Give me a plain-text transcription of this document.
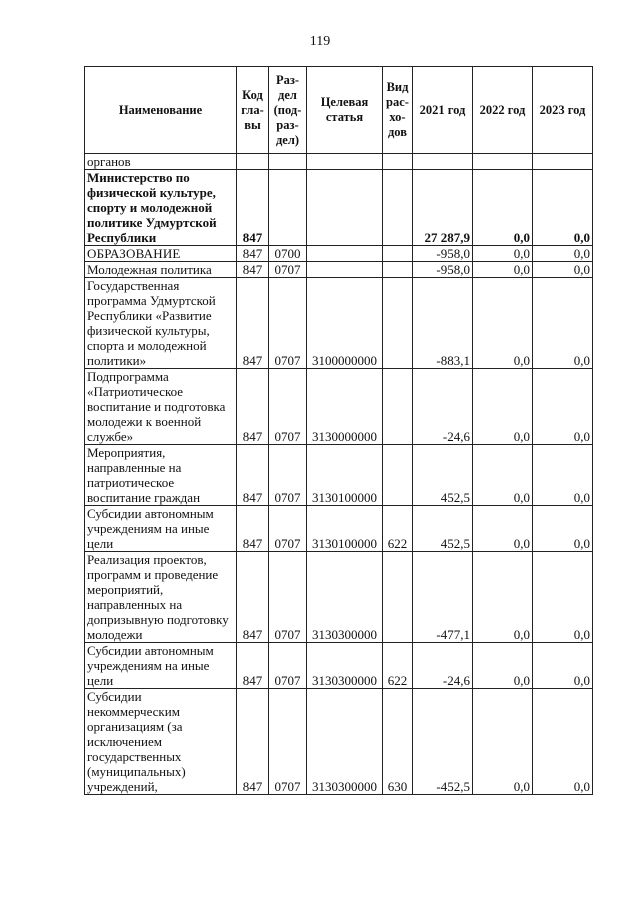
119
Наименование	Код гла- вы	Раз- дел (под- раз- дел)	Целевая статья	Вид рас- хо- дов	2021 год	2022 год	2023 год
органов							
Министерство по физической культуре, спорту и молодежной политике Удмуртской Республики	847				27 287,9	0,0	0,0
ОБРАЗОВАНИЕ	847	0700			-958,0	0,0	0,0
Молодежная политика	847	0707			-958,0	0,0	0,0
Государственная программа Удмуртской Республики «Развитие физической культуры, спорта и молодежной политики»	847	0707	3100000000		-883,1	0,0	0,0
Подпрограмма «Патриотическое воспитание и подготовка молодежи к военной службе»	847	0707	3130000000		-24,6	0,0	0,0
Мероприятия, направленные на патриотическое воспитание граждан	847	0707	3130100000		452,5	0,0	0,0
Субсидии автономным учреждениям на иные цели	847	0707	3130100000	622	452,5	0,0	0,0
Реализация проектов, программ и проведение мероприятий, направленных на допризывную подготовку молодежи	847	0707	3130300000		-477,1	0,0	0,0
Субсидии автономным учреждениям на иные цели	847	0707	3130300000	622	-24,6	0,0	0,0
Субсидии некоммерческим организациям (за исключением государственных (муниципальных) учреждений,	847	0707	3130300000	630	-452,5	0,0	0,0
